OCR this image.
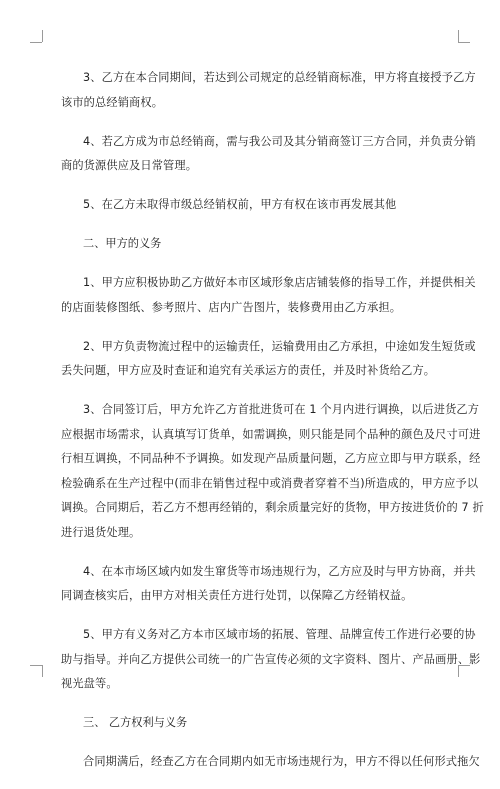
3、乙方在本合同期间，若达到公司规定的总经销商标准，甲方将直接授予乙方
该市的总经销商权。
4、若乙方成为市总经销商，需与我公司及其分销商签订三方合同，并负责分销
商的货源供应及日常管理。
5、在乙方未取得市级总经销权前，甲方有权在该市再发展其他
二、甲方的义务
1、甲方应积极协助乙方做好本市区域形象店店铺装修的指导工作，并提供相关
的店面装修图纸、参考照片、店内广告图片，装修费用由乙方承担。
2、甲方负责物流过程中的运输责任，运输费用由乙方承担，中途如发生短货或
丢失问题，甲方应及时查证和追究有关承运方的责任，并及时补货给乙方。
3、合同签订后，甲方允许乙方首批进货可在 1 个月内进行调换，以后进货乙方
应根据市场需求，认真填写订货单，如需调换，则只能是同个品种的颜色及尺寸可进
行相互调换，不同品种不予调换。如发现产品质量问题，乙方应立即与甲方联系，经
检验确系在生产过程中(而非在销售过程中或消费者穿着不当)所造成的，甲方应予以
调换。合同期后，若乙方不想再经销的，剩余质量完好的货物，甲方按进货价的 7 折
进行退货处理。
4、在本市场区域内如发生窜货等市场违规行为，乙方应及时与甲方协商，并共
同调查核实后，由甲方对相关责任方进行处罚，以保障乙方经销权益。
5、甲方有义务对乙方本市区域市场的拓展、管理、品牌宣传工作进行必要的协
助与指导。并向乙方提供公司统一的广告宣传必须的文字资料、图片、产品画册、影
视光盘等。
三、 乙方权利与义务
合同期满后，经查乙方在合同期内如无市场违规行为，甲方不得以任何形式拖欠
